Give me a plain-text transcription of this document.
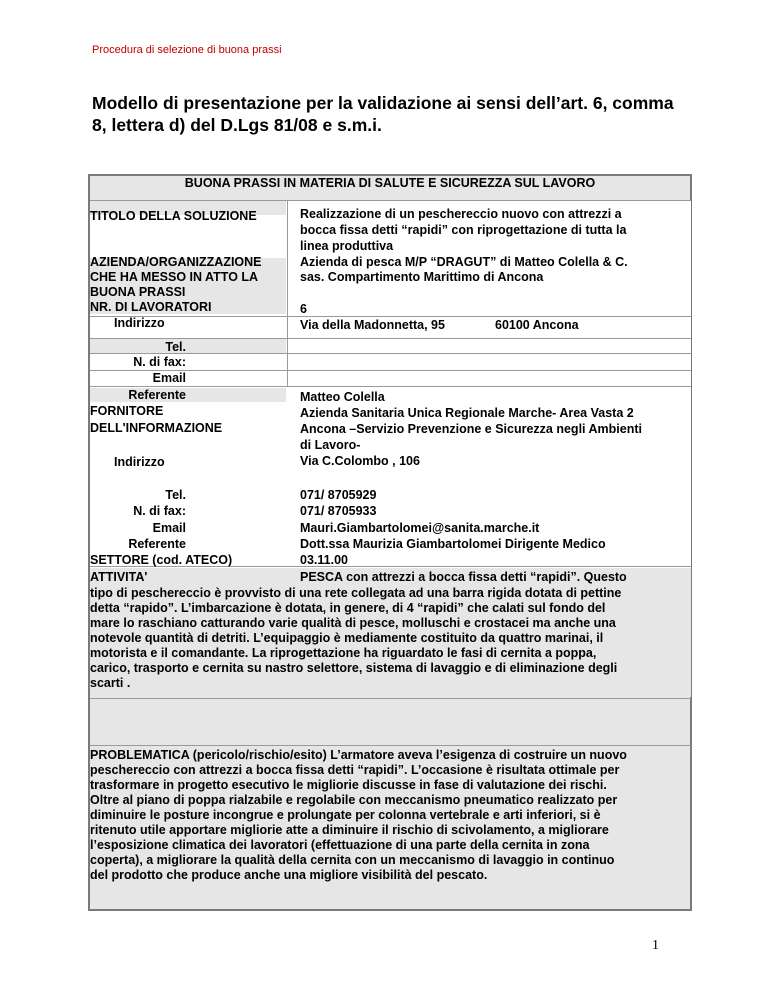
Procedura di selezione di buona prassi
Modello di presentazione per la validazione ai sensi dell’art. 6, comma
8, lettera d) del D.Lgs 81/08 e s.m.i.
BUONA PRASSI IN MATERIA DI SALUTE E SICUREZZA SUL LAVORO
TITOLO DELLA SOLUZIONE
AZIENDA/ORGANIZZAZIONE
CHE HA MESSO IN ATTO LA
BUONA PRASSI
NR. DI LAVORATORI
Indirizzo
Tel.
N. di fax:
Email
Referente
FORNITORE
DELL'INFORMAZIONE
Indirizzo
Tel.
N. di fax:
Email
Referente
SETTORE (cod. ATECO)
ATTIVITA'
Realizzazione di un peschereccio nuovo con attrezzi a
bocca fissa detti “rapidi” con riprogettazione di tutta la
linea produttiva
Azienda di pesca M/P “DRAGUT” di Matteo Colella & C.
sas. Compartimento Marittimo di Ancona
6
Via della Madonnetta, 95	60100 Ancona
Matteo Colella
Azienda Sanitaria Unica Regionale Marche- Area Vasta 2
Ancona –Servizio Prevenzione e Sicurezza negli Ambienti
di Lavoro-
Via C.Colombo , 106
071/ 8705929
071/ 8705933
Mauri.Giambartolomei@sanita.marche.it
Dott.ssa Maurizia Giambartolomei Dirigente Medico
03.11.00
PESCA con attrezzi a bocca fissa detti “rapidi”. Questo
tipo di peschereccio è provvisto di una rete collegata ad una barra rigida dotata di pettine
detta “rapido”. L’imbarcazione è dotata, in genere, di 4 “rapidi” che calati sul fondo del
mare lo raschiano catturando varie qualità di pesce, molluschi e crostacei ma anche una
notevole quantità di detriti. L’equipaggio è mediamente costituito da quattro marinai, il
motorista e il comandante. La riprogettazione ha riguardato le fasi di cernita a poppa,
carico, trasporto e cernita su nastro selettore, sistema di lavaggio e di eliminazione degli
scarti .
PROBLEMATICA (pericolo/rischio/esito) L’armatore aveva l’esigenza di costruire un nuovo
peschereccio con attrezzi a bocca fissa detti “rapidi”. L’occasione è risultata ottimale per
trasformare in progetto esecutivo le migliorie discusse in fase di valutazione dei rischi.
Oltre al piano di poppa rialzabile e regolabile con meccanismo pneumatico realizzato per
diminuire le posture incongrue e prolungate per colonna vertebrale e arti inferiori, si è
ritenuto utile apportare migliorie atte a diminuire il rischio di scivolamento, a migliorare
l’esposizione climatica dei lavoratori (effettuazione di una parte della cernita in zona
coperta), a migliorare la qualità della cernita con un meccanismo di lavaggio in continuo
del prodotto che produce anche una migliore visibilità del pescato.
1
